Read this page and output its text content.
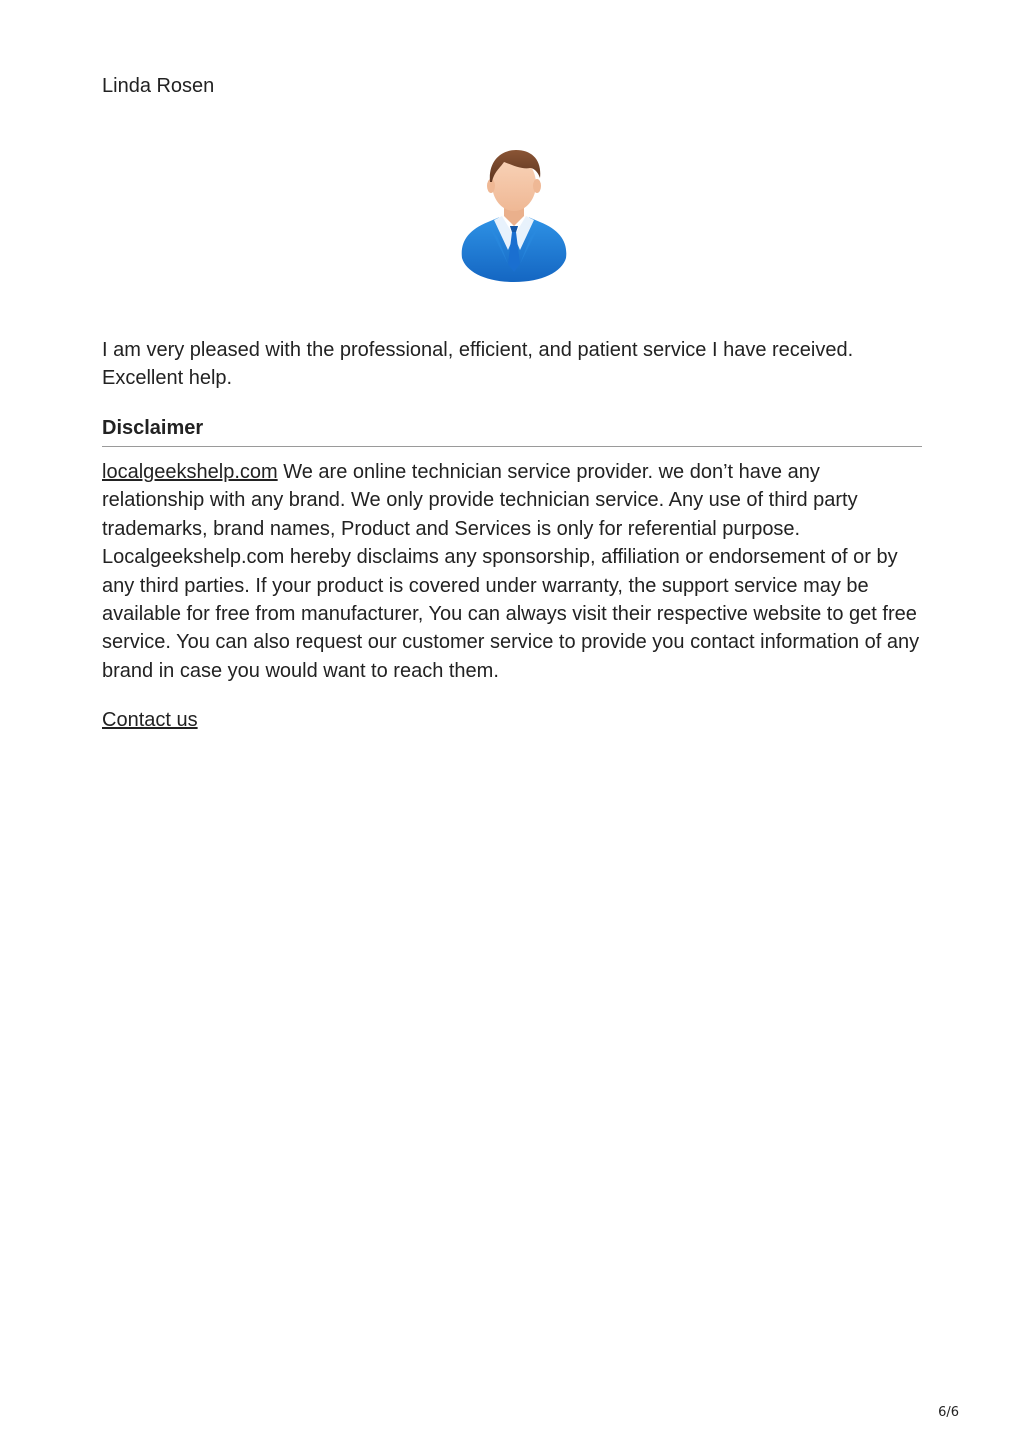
Linda Rosen

I am very pleased with the professional, efficient, and patient service I have received. Excellent help.

Disclaimer

localgeekshelp.com We are online technician service provider. we don’t have any relationship with any brand. We only provide technician service. Any use of third party trademarks, brand names, Product and Services is only for referential purpose. Localgeekshelp.com hereby disclaims any sponsorship, affiliation or endorsement of or by any third parties. If your product is covered under warranty, the support service may be available for free from manufacturer, You can always visit their respective website to get free service. You can also request our customer service to provide you contact information of any brand in case you would want to reach them.

Contact us

6/6
